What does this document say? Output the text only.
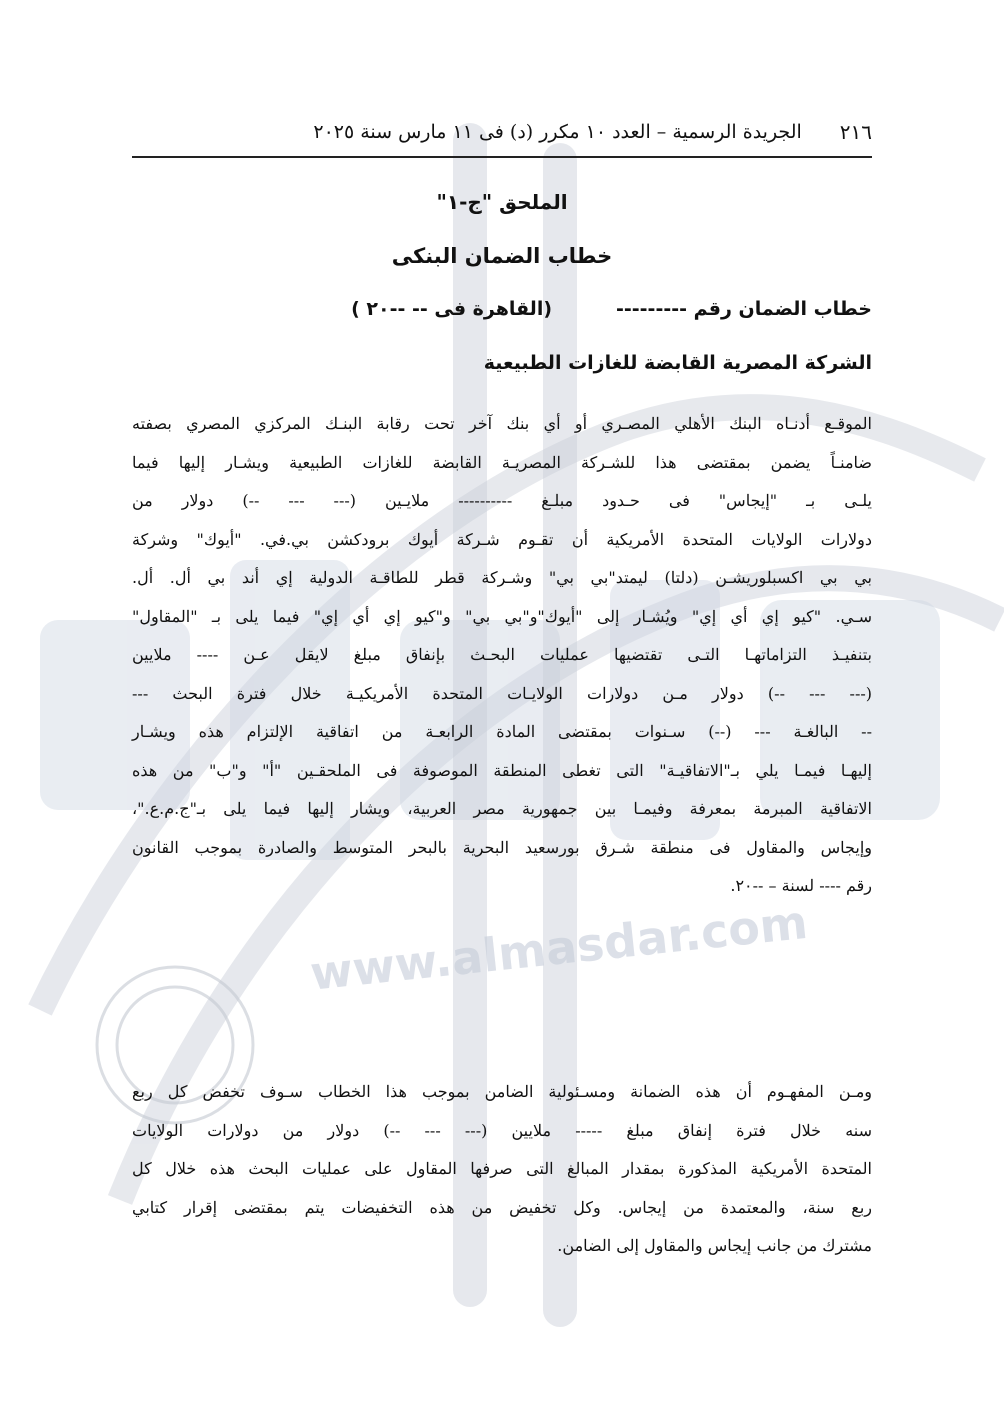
www.almasdar.com
٢١٦
الجريدة الرسمية – العدد ١٠ مكرر (د) فى ١١ مارس سنة ٢٠٢٥
الملحق "ج-١"
خطاب الضمان البنكى
خطاب الضمان رقم ---------
(القاهرة فى -- --٢٠ )
الشركة المصرية القابضة للغازات الطبيعية
الموقـع أدنـاه البنك الأهلي المصـري أو أي بنك آخر تحت رقابة البنـك المركزي المصري بصفته
ضامنـاً يضمن بمقتضى هذا للشـركة المصريـة القابضة للغازات الطبيعية ويشـار إليها فيما
يلـى بـ "إيجاس" فى حـدود مبلـغ ---------- ملايـين (--- --- --) دولار من
دولارات الولايات المتحدة الأمريكية أن تقـوم شـركة أيوك برودكشن بي.في. "أيوك" وشركة
بي بي اكسبلوريشـن (دلتا) ليمتد"بي بي" وشـركة قطر للطاقـة الدولية إي أند بي أل. أل.
سـي. "كيو إي أي إي" ويُشـار إلى "أيوك"و"بي بي" و"كيو إي أي إي" فيما يلى بـ "المقاول"
بتنفيـذ التزاماتهـا التـى تقتضيها عمليات البحـث بإنفاق مبلغ لايقل عـن ---- ملايين
(--- --- --) دولار مـن دولارات الولايـات المتحدة الأمريكيـة خلال فترة البحث ---
-- البالغـة --- (--) سـنوات بمقتضى المادة الرابعـة من اتفاقية الإلتزام هذه ويشـار
إليهـا فيمـا يلي بـ"الاتفاقيـة" التى تغطى المنطقة الموصوفة فى الملحقـين "أ" و"ب" من هذه
الاتفاقية المبرمة بمعرفة وفيمـا بين جمهورية مصر العربية، ويشار إليها فيما يلى بـ"ج.م.ع."،
وإيجاس والمقاول فى منطقة شـرق بورسعيد البحرية بالبحر المتوسط والصادرة بموجب القانون
رقم ---- لسنة – --٢٠.
ومـن المفهـوم أن هذه الضمانة ومسـئولية الضامن بموجب هذا الخطاب سـوف تخفض كل ربع
سنه خلال فترة إنفاق مبلغ ----- ملايين (--- --- --) دولار من دولارات الولايات
المتحدة الأمريكية المذكورة بمقدار المبالغ التى صرفها المقاول على عمليات البحث هذه خلال كل
ربع سنة، والمعتمدة من إيجاس. وكل تخفيض من هذه التخفيضات يتم بمقتضى إقرار كتابي
مشترك من جانب إيجاس والمقاول إلى الضامن.
